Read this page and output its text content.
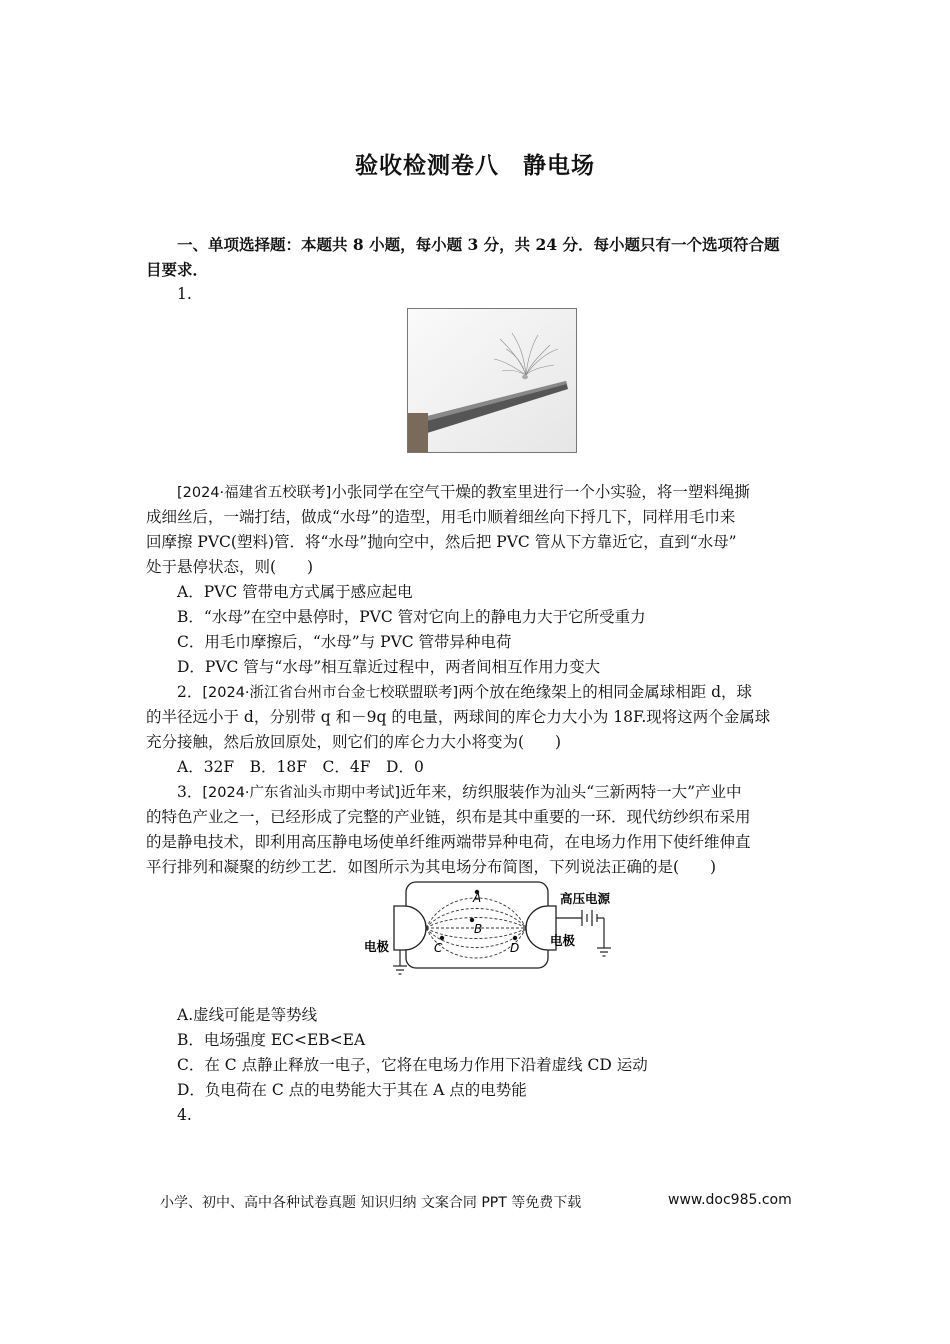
验收检测卷八　静电场
一、单项选择题：本题共 8 小题，每小题 3 分，共 24 分．每小题只有一个选项符合题
目要求．
1.
[2024·福建省五校联考]小张同学在空气干燥的教室里进行一个小实验，将一塑料绳撕
成细丝后，一端打结，做成“水母”的造型，用毛巾顺着细丝向下捋几下，同样用毛巾来
回摩擦 PVC(塑料)管．将“水母”抛向空中，然后把 PVC 管从下方靠近它，直到“水母”
处于悬停状态，则(　　)
A．PVC 管带电方式属于感应起电
B．“水母”在空中悬停时，PVC 管对它向上的静电力大于它所受重力
C．用毛巾摩擦后，“水母”与 PVC 管带异种电荷
D．PVC 管与“水母”相互靠近过程中，两者间相互作用力变大
2．[2024·浙江省台州市台金七校联盟联考]两个放在绝缘架上的相同金属球相距 d，球
的半径远小于 d，分别带 q 和－9q 的电量，两球间的库仑力大小为 18F.现将这两个金属球
充分接触，然后放回原处，则它们的库仑力大小将变为(　　)
A．32F　B．18F　C．4F　D．0
3．[2024·广东省汕头市期中考试]近年来，纺织服装作为汕头“三新两特一大”产业中
的特色产业之一，已经形成了完整的产业链，织布是其中重要的一环．现代纺纱织布采用
的是静电技术，即利用高压静电场使单纤维两端带异种电荷，在电场力作用下使纤维伸直
平行排列和凝聚的纺纱工艺．如图所示为其电场分布简图，下列说法正确的是(　　)
A
B
C	D
高压电源
电极	电极
A.虚线可能是等势线
B．电场强度 EC<EB<EA
C．在 C 点静止释放一电子，它将在电场力作用下沿着虚线 CD 运动
D．负电荷在 C 点的电势能大于其在 A 点的电势能
4.
小学、初中、高中各种试卷真题 知识归纳 文案合同 PPT 等免费下载	www.doc985.com
